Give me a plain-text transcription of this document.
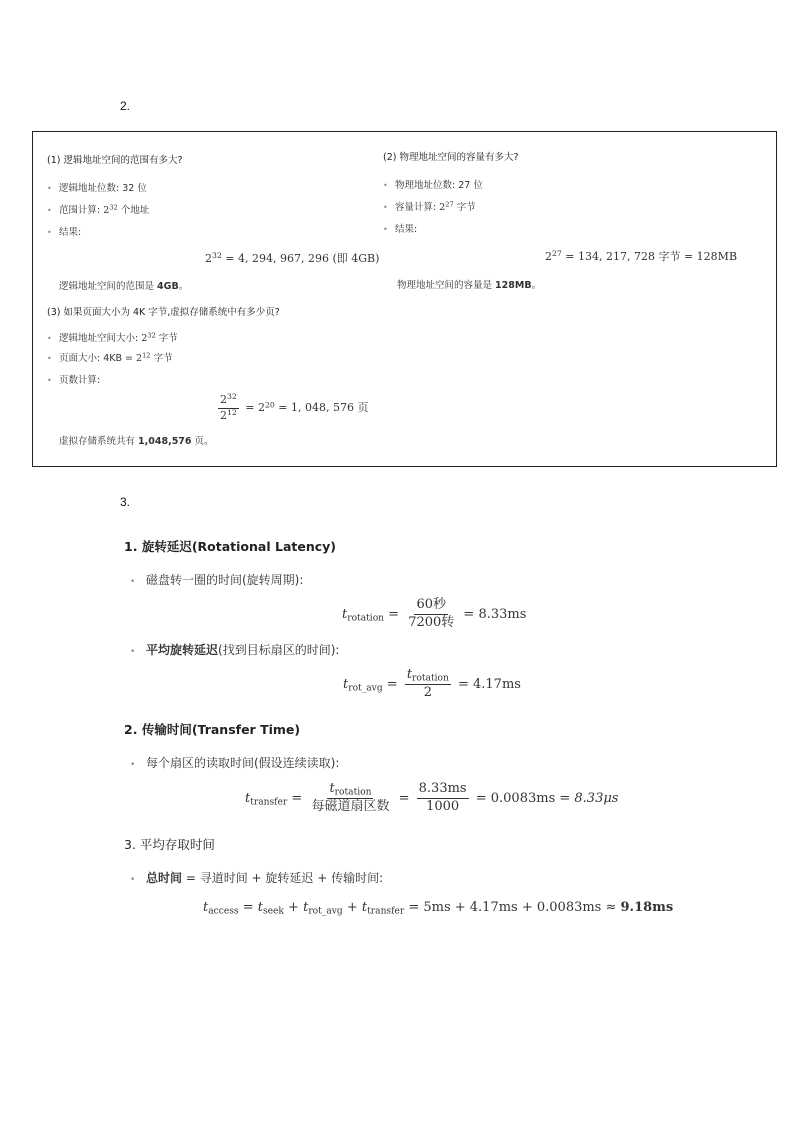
2.
(1) 逻辑地址空间的范围有多大?
• 逻辑地址位数: 32 位
• 范围计算: $2^{32}$ 个地址
• 结果:
$2^{32} = 4$, 294, 967, 296 (即 4GB)
逻辑地址空间的范围是 4GB。
(2) 物理地址空间的容量有多大?
• 物理地址位数: 27 位
• 容量计算: $2^{27}$ 字节
• 结果:
$2^{27} = 134$, 217, 728 字节 = 128MB
物理地址空间的容量是 128MB。
(3) 如果页面大小为 4K 字节,虚拟存储系统中有多少页?
• 逻辑地址空间大小: $2^{32}$ 字节
• 页面大小: $4KB = 2^{12}$ 字节
• 页数计算:
$\frac{2^{32}}{2^{12}} = 2^{20} = 1$, 048, 576 页
虚拟存储系统共有 1,048,576 页。
3.
1. 旋转延迟(Rotational Latency)
• 磁盘转一圈的时间(旋转周期):
$t_{rotation} = \frac{\text{60秒}}{\text{7200转}} = 8.33ms$
• 平均旋转延迟(找到目标扇区的时间):
$t_{rot\_avg} = \frac{t_{rotation}}{2} = 4.17ms$
2. 传输时间(Transfer Time)
• 每个扇区的读取时间(假设连续读取):
$t_{transfer} = \frac{t_{rotation}}{\text{每磁道扇区数}} = \frac{8.33ms}{1000} = 0.0083ms = 8.33\mu s$
3. 平均存取时间
• 总时间 = 寻道时间 + 旋转延迟 + 传输时间:
$t_{access} = t_{seek} + t_{rot\_avg} + t_{transfer} = 5ms + 4.17ms + 0.0083ms \approx 9.18ms$
